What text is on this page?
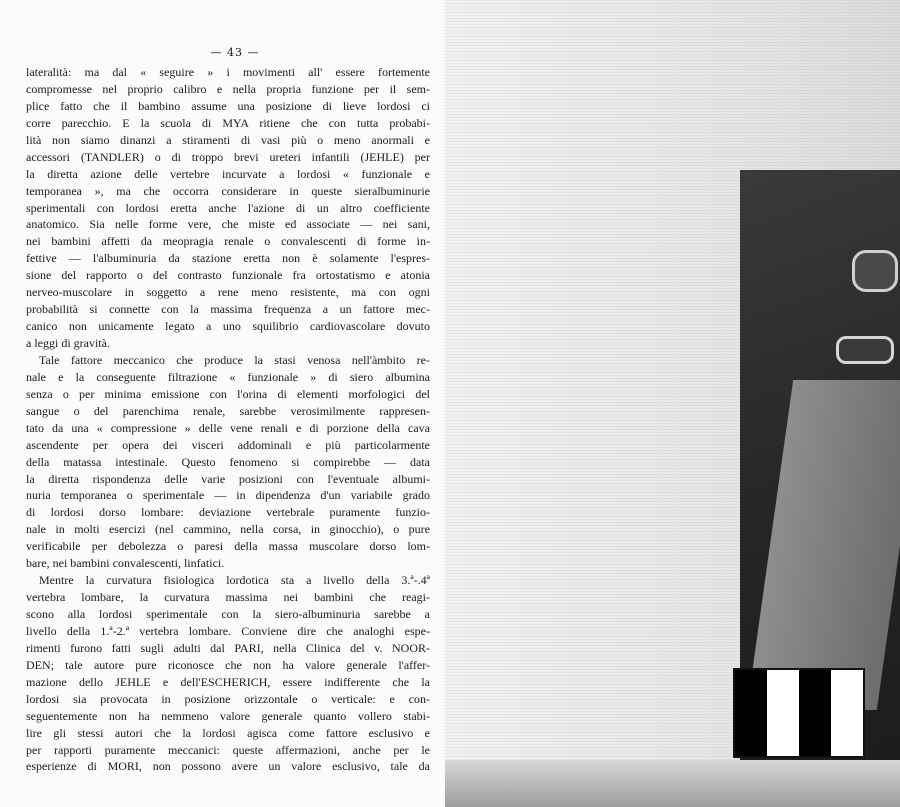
— 43 —
lateralità: ma dal « seguire » i movimenti all' essere fortemente
compromesse nel proprio calibro e nella propria funzione per il sem-
plice fatto che il bambino assume una posizione di lieve lordosi ci
corre parecchio. E la scuola di MYA ritiene che con tutta probabi-
lità non siamo dinanzi a stiramenti di vasi più o meno anormali e
accessori (TANDLER) o di troppo brevi ureteri infantili (JEHLE) per
la diretta azione delle vertebre incurvate a lordosi « funzionale e
temporanea », ma che occorra considerare in queste sieralbuminurie
sperimentali con lordosi eretta anche l'azione di un altro coefficiente
anatomico. Sia nelle forme vere, che miste ed associate — nei sani,
nei bambini affetti da meopragia renale o convalescenti di forme in-
fettive — l'albuminuria da stazione eretta non è solamente l'espres-
sione del rapporto o del contrasto funzionale fra ortostatismo e atonia
nerveo-muscolare in soggetto a rene meno resistente, ma con ogni
probabilità si connette con la massima frequenza a un fattore mec-
canico non unicamente legato a uno squilibrio cardiovascolare dovuto
a leggi di gravità.
Tale fattore meccanico che produce la stasi venosa nell'àmbito re-
nale e la conseguente filtrazione « funzionale » di siero albumina
senza o per minima emissione con l'orina di elementi morfologici del
sangue o del parenchima renale, sarebbe verosimilmente rappresen-
tato da una « compressione » delle vene renali e di porzione della cava
ascendente per opera dei visceri addominali e più particolarmente
della matassa intestinale. Questo fenomeno si compirebbe — data
la diretta rispondenza delle varie posizioni con l'eventuale albumi-
nuria temporanea o sperimentale — in dipendenza d'un variabile grado
di lordosi dorso lombare: deviazione vertebrale puramente funzio-
nale in molti esercizi (nel cammino, nella corsa, in ginocchio), o pure
verificabile per debolezza o paresi della massa muscolare dorso lom-
bare, nei bambini convalescenti, linfatici.
Mentre la curvatura fisiologica lordotica sta a livello della 3.ª-.4ª
vertebra lombare, la curvatura massima nei bambini che reagi-
scono alla lordosi sperimentale con la siero-albuminuria sarebbe a
livello della 1.ª-2.ª vertebra lombare. Conviene dire che analoghi espe-
rimenti furono fatti sugli adulti dal PARI, nella Clinica del v. NOOR-
DEN; tale autore pure riconosce che non ha valore generale l'affer-
mazione dello JEHLE e dell'ESCHERICH, essere indifferente che la
lordosi sia provocata in posizione orizzontale o verticale: e con-
seguentemente non ha nemmeno valore generale quanto vollero stabi-
lire gli stessi autori che la lordosi agisca come fattore esclusivo e
per rapporti puramente meccanici: queste affermazioni, anche per le
esperienze di MORI, non possono avere un valore esclusivo, tale da
